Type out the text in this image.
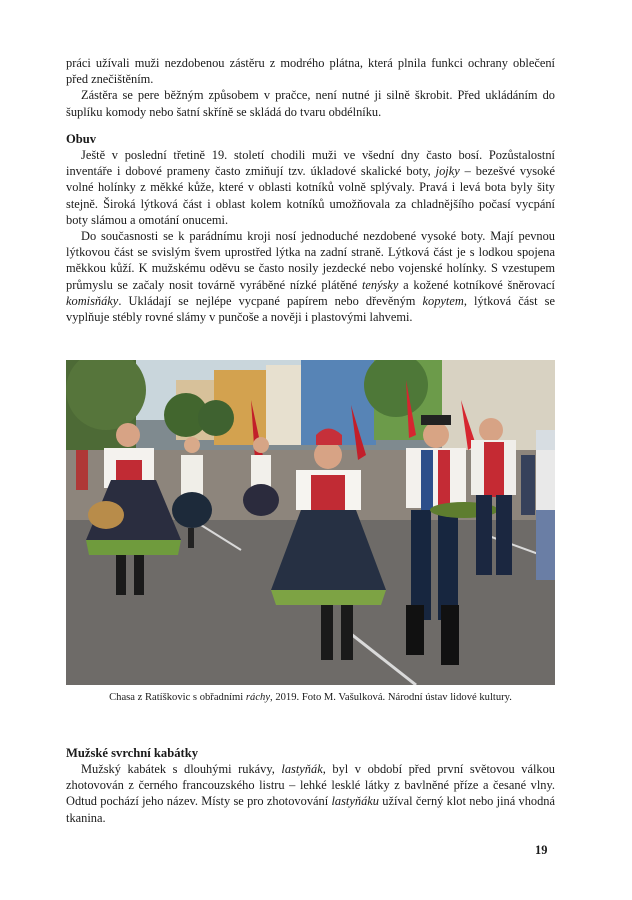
práci užívali muži nezdobenou zástěru z modrého plátna, která plnila funkci ochrany oblečení před znečištěním.

Zástěra se pere běžným způsobem v pračce, není nutné ji silně škrobit. Před ukládáním do šuplíku komody nebo šatní skříně se skládá do tvaru obdélníku.

Obuv

Ještě v poslední třetině 19. století chodili muži ve všední dny často bosí. Pozůstalostní inventáře i dobové prameny často zmiňují tzv. úkladové skalické boty, jojky – bezešvé vysoké volné holínky z měkké kůže, které v oblasti kotníků volně splývaly. Pravá i levá bota byly šity stejně. Široká lýtková část i oblast kolem kotníků umožňovala za chladnějšího počasí vycpání boty slámou a omotání onucemi.

Do současnosti se k parádnímu kroji nosí jednoduché nezdobené vysoké boty. Mají pevnou lýtkovou část se svislým švem uprostřed lýtka na zadní straně. Lýtková část je s lodkou spojena měkkou kůží. K mužskému oděvu se často nosily jezdecké nebo vojenské holínky. S vzestupem průmyslu se začaly nosit továrně vyráběné nízké plátěné tenýsky a kožené kotníkové šněrovací komisňáky. Ukládají se nejlépe vycpané papírem nebo dřevěným kopytem, lýtková část se vyplňuje stébly rovné slámy v punčoše a nověji i plastovými lahvemi.

Chasa z Ratíškovic s obřadními ráchy, 2019. Foto M. Vašulková. Národní ústav lidové kultury.
Mužské svrchní kabátky

Mužský kabátek s dlouhými rukávy, lastyňák, byl v období před první světovou válkou zhotovován z černého francouzského listru – lehké lesklé látky z bavlněné příze a česané vlny. Odtud pochází jeho název. Místy se pro zhotovování lastyňáku užíval černý klot nebo jiná vhodná tkanina.

19
